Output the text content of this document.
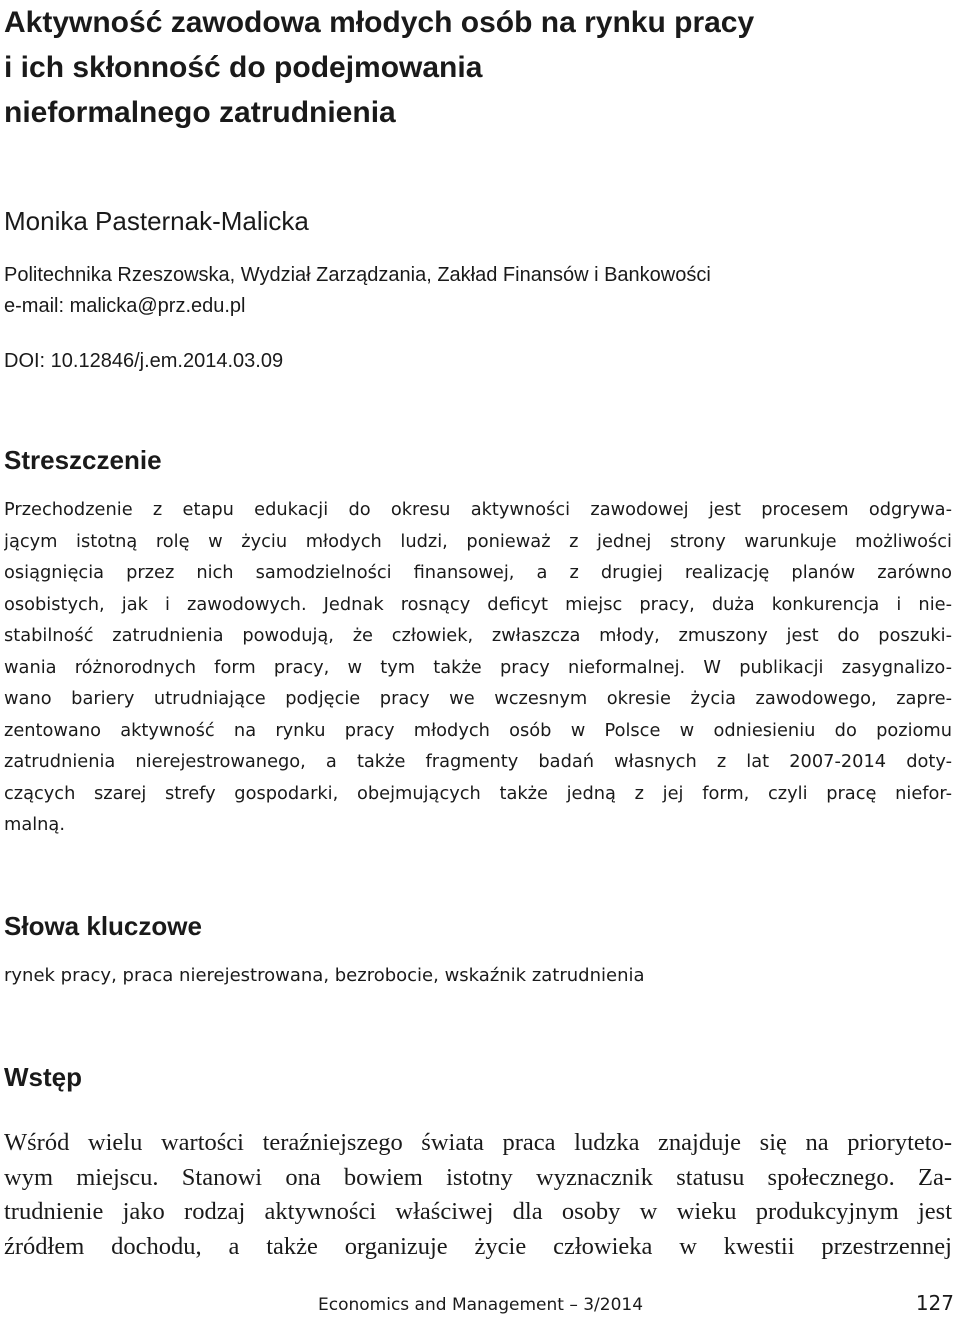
Aktywność zawodowa młodych osób na rynku pracy
i ich skłonność do podejmowania
nieformalnego zatrudnienia

Monika Pasternak-Malicka

Politechnika Rzeszowska, Wydział Zarządzania, Zakład Finansów i Bankowości
e-mail: malicka@prz.edu.pl

DOI: 10.12846/j.em.2014.03.09

Streszczenie
Przechodzenie z etapu edukacji do okresu aktywności zawodowej jest procesem odgrywa-
jącym istotną rolę w życiu młodych ludzi, ponieważ z jednej strony warunkuje możliwości
osiągnięcia przez nich samodzielności finansowej, a z drugiej realizację planów zarówno
osobistych, jak i zawodowych. Jednak rosnący deficyt miejsc pracy, duża konkurencja i nie-
stabilność zatrudnienia powodują, że człowiek, zwłaszcza młody, zmuszony jest do poszuki-
wania różnorodnych form pracy, w tym także pracy nieformalnej. W publikacji zasygnalizo-
wano bariery utrudniające podjęcie pracy we wczesnym okresie życia zawodowego, zapre-
zentowano aktywność na rynku pracy młodych osób w Polsce w odniesieniu do poziomu
zatrudnienia nierejestrowanego, a także fragmenty badań własnych z lat 2007-2014 doty-
czących szarej strefy gospodarki, obejmujących także jedną z jej form, czyli pracę niefor-
malną.
Słowa kluczowe

rynek pracy, praca nierejestrowana, bezrobocie, wskaźnik zatrudnienia

Wstęp
Wśród wielu wartości teraźniejszego świata praca ludzka znajduje się na prioryteto-
wym miejscu. Stanowi ona bowiem istotny wyznacznik statusu społecznego. Za-
trudnienie jako rodzaj aktywności właściwej dla osoby w wieku produkcyjnym jest
źródłem dochodu, a także organizuje życie człowieka w kwestii przestrzennej

Economics and Management – 3/2014	127
